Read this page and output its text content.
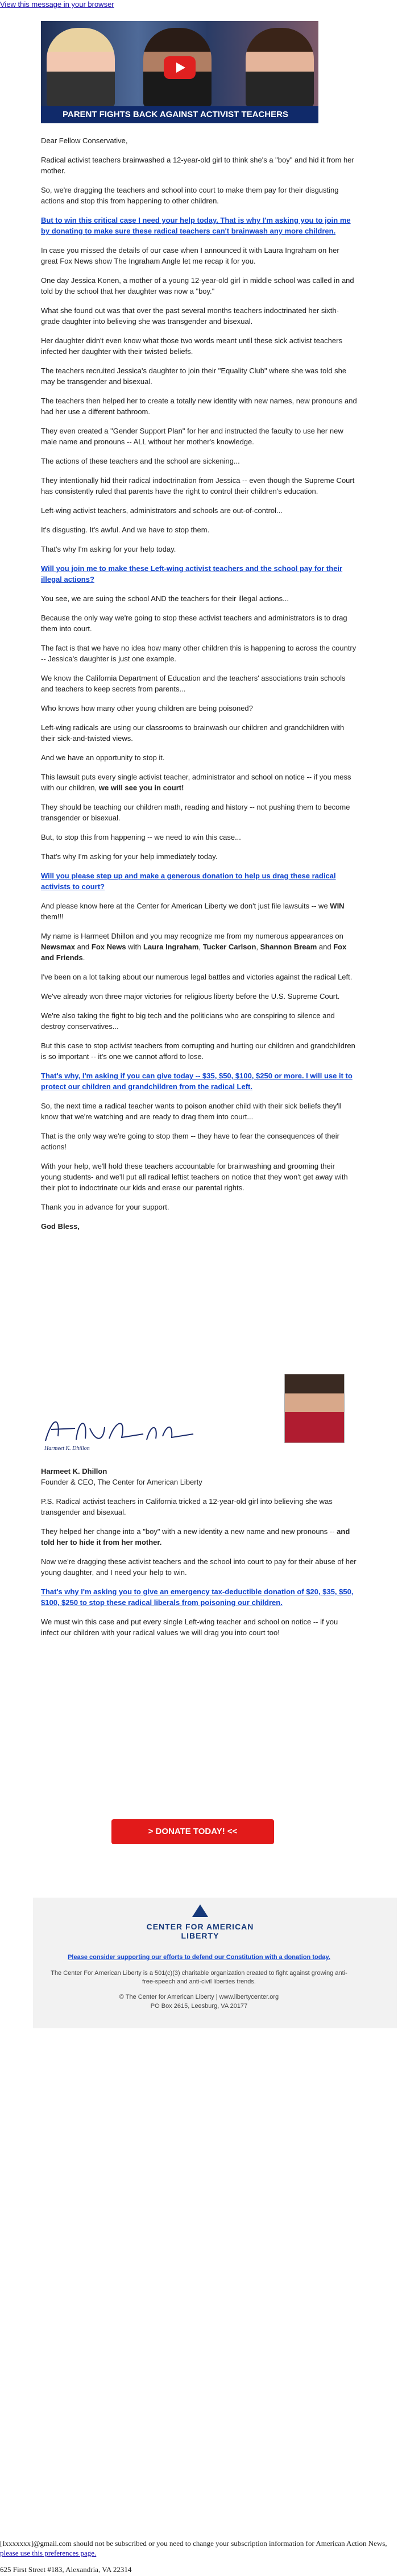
View this message in your browser
PARENT FIGHTS BACK AGAINST ACTIVIST TEACHERS

Dear Fellow Conservative,

Radical activist teachers brainwashed a 12-year-old girl to think she's a "boy" and hid it from her mother.

So, we're dragging the teachers and school into court to make them pay for their disgusting actions and stop this from happening to other children.

But to win this critical case I need your help today. That is why I'm asking you to join me by donating to make sure these radical teachers can't brainwash any more children.

In case you missed the details of our case when I announced it with Laura Ingraham on her great Fox News show The Ingraham Angle let me recap it for you.

One day Jessica Konen, a mother of a young 12-year-old girl in middle school was called in and told by the school that her daughter was now a "boy."

What she found out was that over the past several months teachers indoctrinated her sixth-grade daughter into believing she was transgender and bisexual.

Her daughter didn't even know what those two words meant until these sick activist teachers infected her daughter with their twisted beliefs.

The teachers recruited Jessica's daughter to join their "Equality Club" where she was told she may be transgender and bisexual.

The teachers then helped her to create a totally new identity with new names, new pronouns and had her use a different bathroom.

They even created a "Gender Support Plan" for her and instructed the faculty to use her new male name and pronouns -- ALL without her mother's knowledge.

The actions of these teachers and the school are sickening...

They intentionally hid their radical indoctrination from Jessica -- even though the Supreme Court has consistently ruled that parents have the right to control their children's education.

Left-wing activist teachers, administrators and schools are out-of-control...

It's disgusting. It's awful. And we have to stop them.

That's why I'm asking for your help today.

Will you join me to make these Left-wing activist teachers and the school pay for their illegal actions?

You see, we are suing the school AND the teachers for their illegal actions...

Because the only way we're going to stop these activist teachers and administrators is to drag them into court.

The fact is that we have no idea how many other children this is happening to across the country -- Jessica's daughter is just one example.

We know the California Department of Education and the teachers' associations train schools and teachers to keep secrets from parents...

Who knows how many other young children are being poisoned?

Left-wing radicals are using our classrooms to brainwash our children and grandchildren with their sick-and-twisted views.

And we have an opportunity to stop it.

This lawsuit puts every single activist teacher, administrator and school on notice -- if you mess with our children, we will see you in court!

They should be teaching our children math, reading and history -- not pushing them to become transgender or bisexual.

But, to stop this from happening -- we need to win this case...

That's why I'm asking for your help immediately today.

Will you please step up and make a generous donation to help us drag these radical activists to court?

And please know here at the Center for American Liberty we don't just file lawsuits -- we WIN them!!!

My name is Harmeet Dhillon and you may recognize me from my numerous appearances on Newsmax and Fox News with Laura Ingraham, Tucker Carlson, Shannon Bream and Fox and Friends.

I've been on a lot talking about our numerous legal battles and victories against the radical Left.

We've already won three major victories for religious liberty before the U.S. Supreme Court.

We're also taking the fight to big tech and the politicians who are conspiring to silence and destroy conservatives...

But this case to stop activist teachers from corrupting and hurting our children and grandchildren is so important -- it's one we cannot afford to lose.

That's why, I'm asking if you can give today -- $35, $50, $100, $250 or more. I will use it to protect our children and grandchildren from the radical Left.

So, the next time a radical teacher wants to poison another child with their sick beliefs they'll know that we're watching and are ready to drag them into court...

That is the only way we're going to stop them -- they have to fear the consequences of their actions!

With your help, we'll hold these teachers accountable for brainwashing and grooming their young students- and we'll put all radical leftist teachers on notice that they won't get away with their plot to indoctrinate our kids and erase our parental rights.

Thank you in advance for your support.

God Bless,

Harmeet K. Dhillon

Harmeet K. Dhillon
Founder & CEO, The Center for American Liberty

P.S. Radical activist teachers in California tricked a 12-year-old girl into believing she was transgender and bisexual.

They helped her change into a "boy" with a new identity a new name and new pronouns -- and told her to hide it from her mother.

Now we're dragging these activist teachers and the school into court to pay for their abuse of her young daughter, and I need your help to win.

That's why I'm asking you to give an emergency tax-deductible donation of $20, $35, $50, $100, $250 to stop these radical liberals from poisoning our children.

We must win this case and put every single Left-wing teacher and school on notice -- if you infect our children with your radical values we will drag you into court too!

> DONATE TODAY! <<

CENTER FOR AMERICAN
LIBERTY
Please consider supporting our efforts to defend our Constitution with a donation today.
The Center For American Liberty is a 501(c)(3) charitable organization created to fight against growing anti-free-speech and anti-civil liberties trends.
© The Center for American Liberty | www.libertycenter.org
PO Box 2615, Leesburg, VA 20177
[Ixxxxxxx]@gmail.com should not be subscribed or you need to change your subscription information for American Action News, please use this preferences page.
625 First Street #183, Alexandria, VA 22314
